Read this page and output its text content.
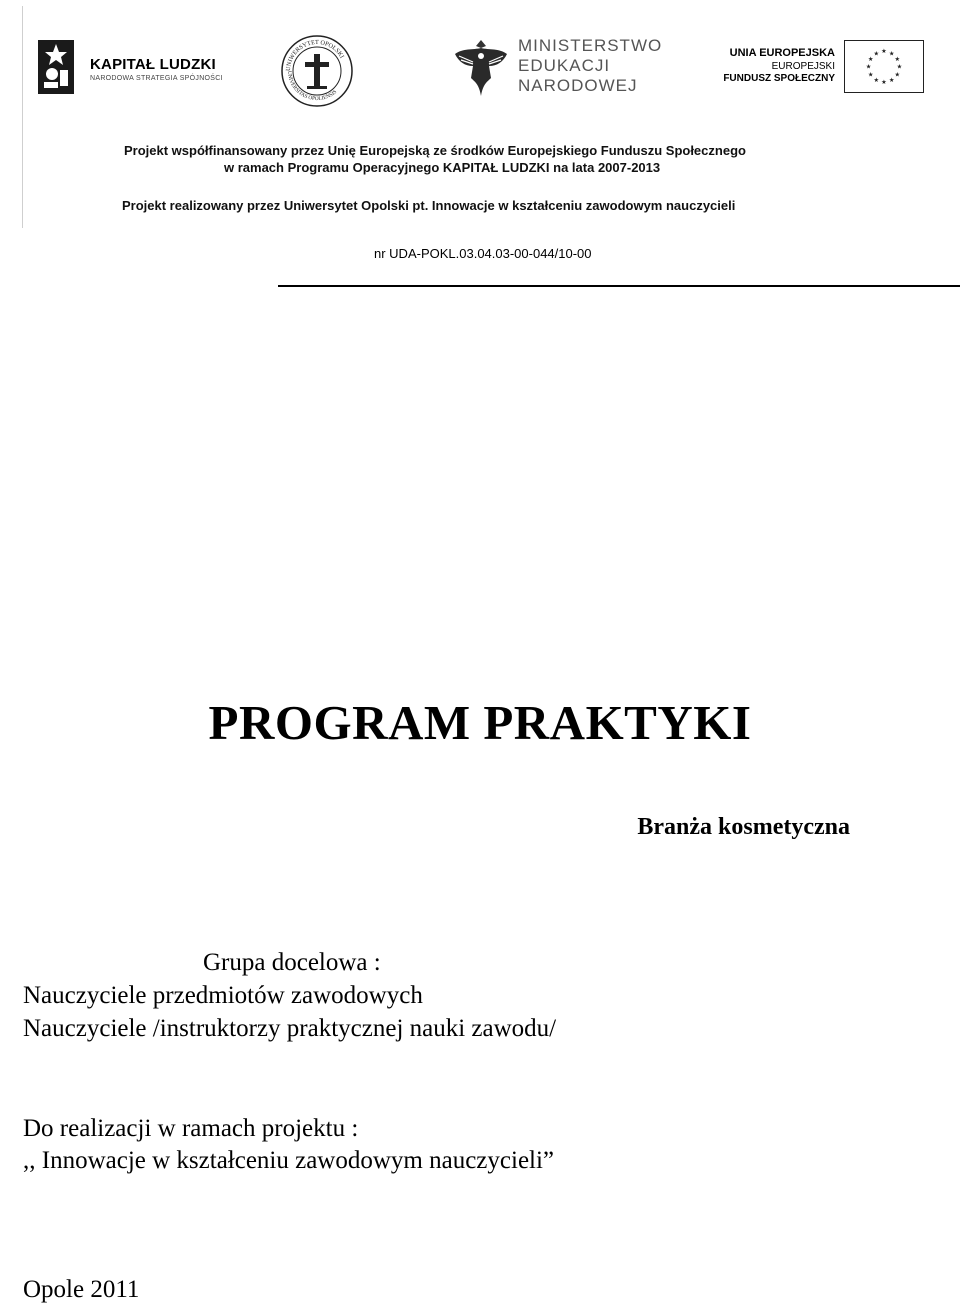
KAPITAŁ LUDZKI
NARODOWA STRATEGIA SPÓJNOŚCI
UNIWERSYTET OPOLSKI
UNIVERSITAS OPOLIENSIS
MINISTERSTWO
EDUKACJI
NARODOWEJ
UNIA EUROPEJSKA
EUROPEJSKI
FUNDUSZ SPOŁECZNY
★ ★
★
★
★
★
★
★
★
★
★
★
Projekt współfinansowany przez Unię Europejską ze środków Europejskiego Funduszu Społecznego
w ramach Programu Operacyjnego KAPITAŁ LUDZKI na lata 2007-2013
Projekt realizowany przez Uniwersytet Opolski pt. Innowacje w kształceniu zawodowym nauczycieli
nr UDA-POKL.03.04.03-00-044/10-00
PROGRAM PRAKTYKI
Branża kosmetyczna
Grupa docelowa :
Nauczyciele przedmiotów zawodowych
Nauczyciele /instruktorzy praktycznej nauki zawodu/
Do realizacji w ramach projektu :
,, Innowacje w kształceniu zawodowym nauczycieli”
Opole 2011
